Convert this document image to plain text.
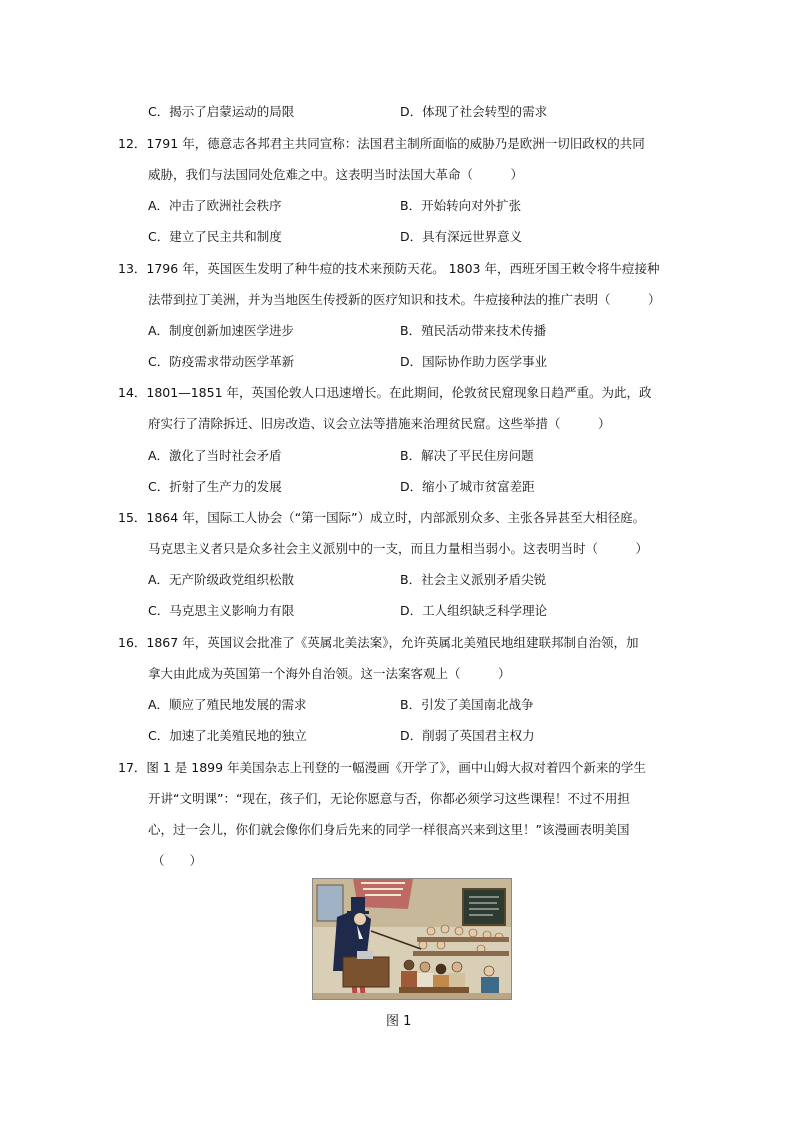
C．揭示了启蒙运动的局限	D．体现了社会转型的需求
12．1791 年，德意志各邦君主共同宣称：法国君主制所面临的威胁乃是欧洲一切旧政权的共同
威胁，我们与法国同处危难之中。这表明当时法国大革命（　　　）
A．冲击了欧洲社会秩序	B．开始转向对外扩张
C．建立了民主共和制度	D．具有深远世界意义
13．1796 年，英国医生发明了种牛痘的技术来预防天花。 1803 年，西班牙国王敕令将牛痘接种
法带到拉丁美洲，并为当地医生传授新的医疗知识和技术。牛痘接种法的推广表明（　　　）
A．制度创新加速医学进步	B．殖民活动带来技术传播
C．防疫需求带动医学革新	D．国际协作助力医学事业
14．1801—1851 年，英国伦敦人口迅速增长。在此期间，伦敦贫民窟现象日趋严重。为此，政
府实行了清除拆迁、旧房改造、议会立法等措施来治理贫民窟。这些举措（　　　）
A．激化了当时社会矛盾	B．解决了平民住房问题
C．折射了生产力的发展	D．缩小了城市贫富差距
15．1864 年，国际工人协会（“第一国际”）成立时，内部派别众多、主张各异甚至大相径庭。
马克思主义者只是众多社会主义派别中的一支，而且力量相当弱小。这表明当时（　　　）
A．无产阶级政党组织松散	B．社会主义派别矛盾尖锐
C．马克思主义影响力有限	D．工人组织缺乏科学理论
16．1867 年，英国议会批准了《英属北美法案》，允许英属北美殖民地组建联邦制自治领，加
拿大由此成为英国第一个海外自治领。这一法案客观上（　　　）
A．顺应了殖民地发展的需求	B．引发了美国南北战争
C．加速了北美殖民地的独立	D．削弱了英国君主权力
17．图 1 是 1899 年美国杂志上刊登的一幅漫画《开学了》，画中山姆大叔对着四个新来的学生
开讲“文明课”：“现在，孩子们，无论你愿意与否，你都必须学习这些课程！不过不用担
心，过一会儿，你们就会像你们身后先来的同学一样很高兴来到这里！”该漫画表明美国
（　　）
图 1
